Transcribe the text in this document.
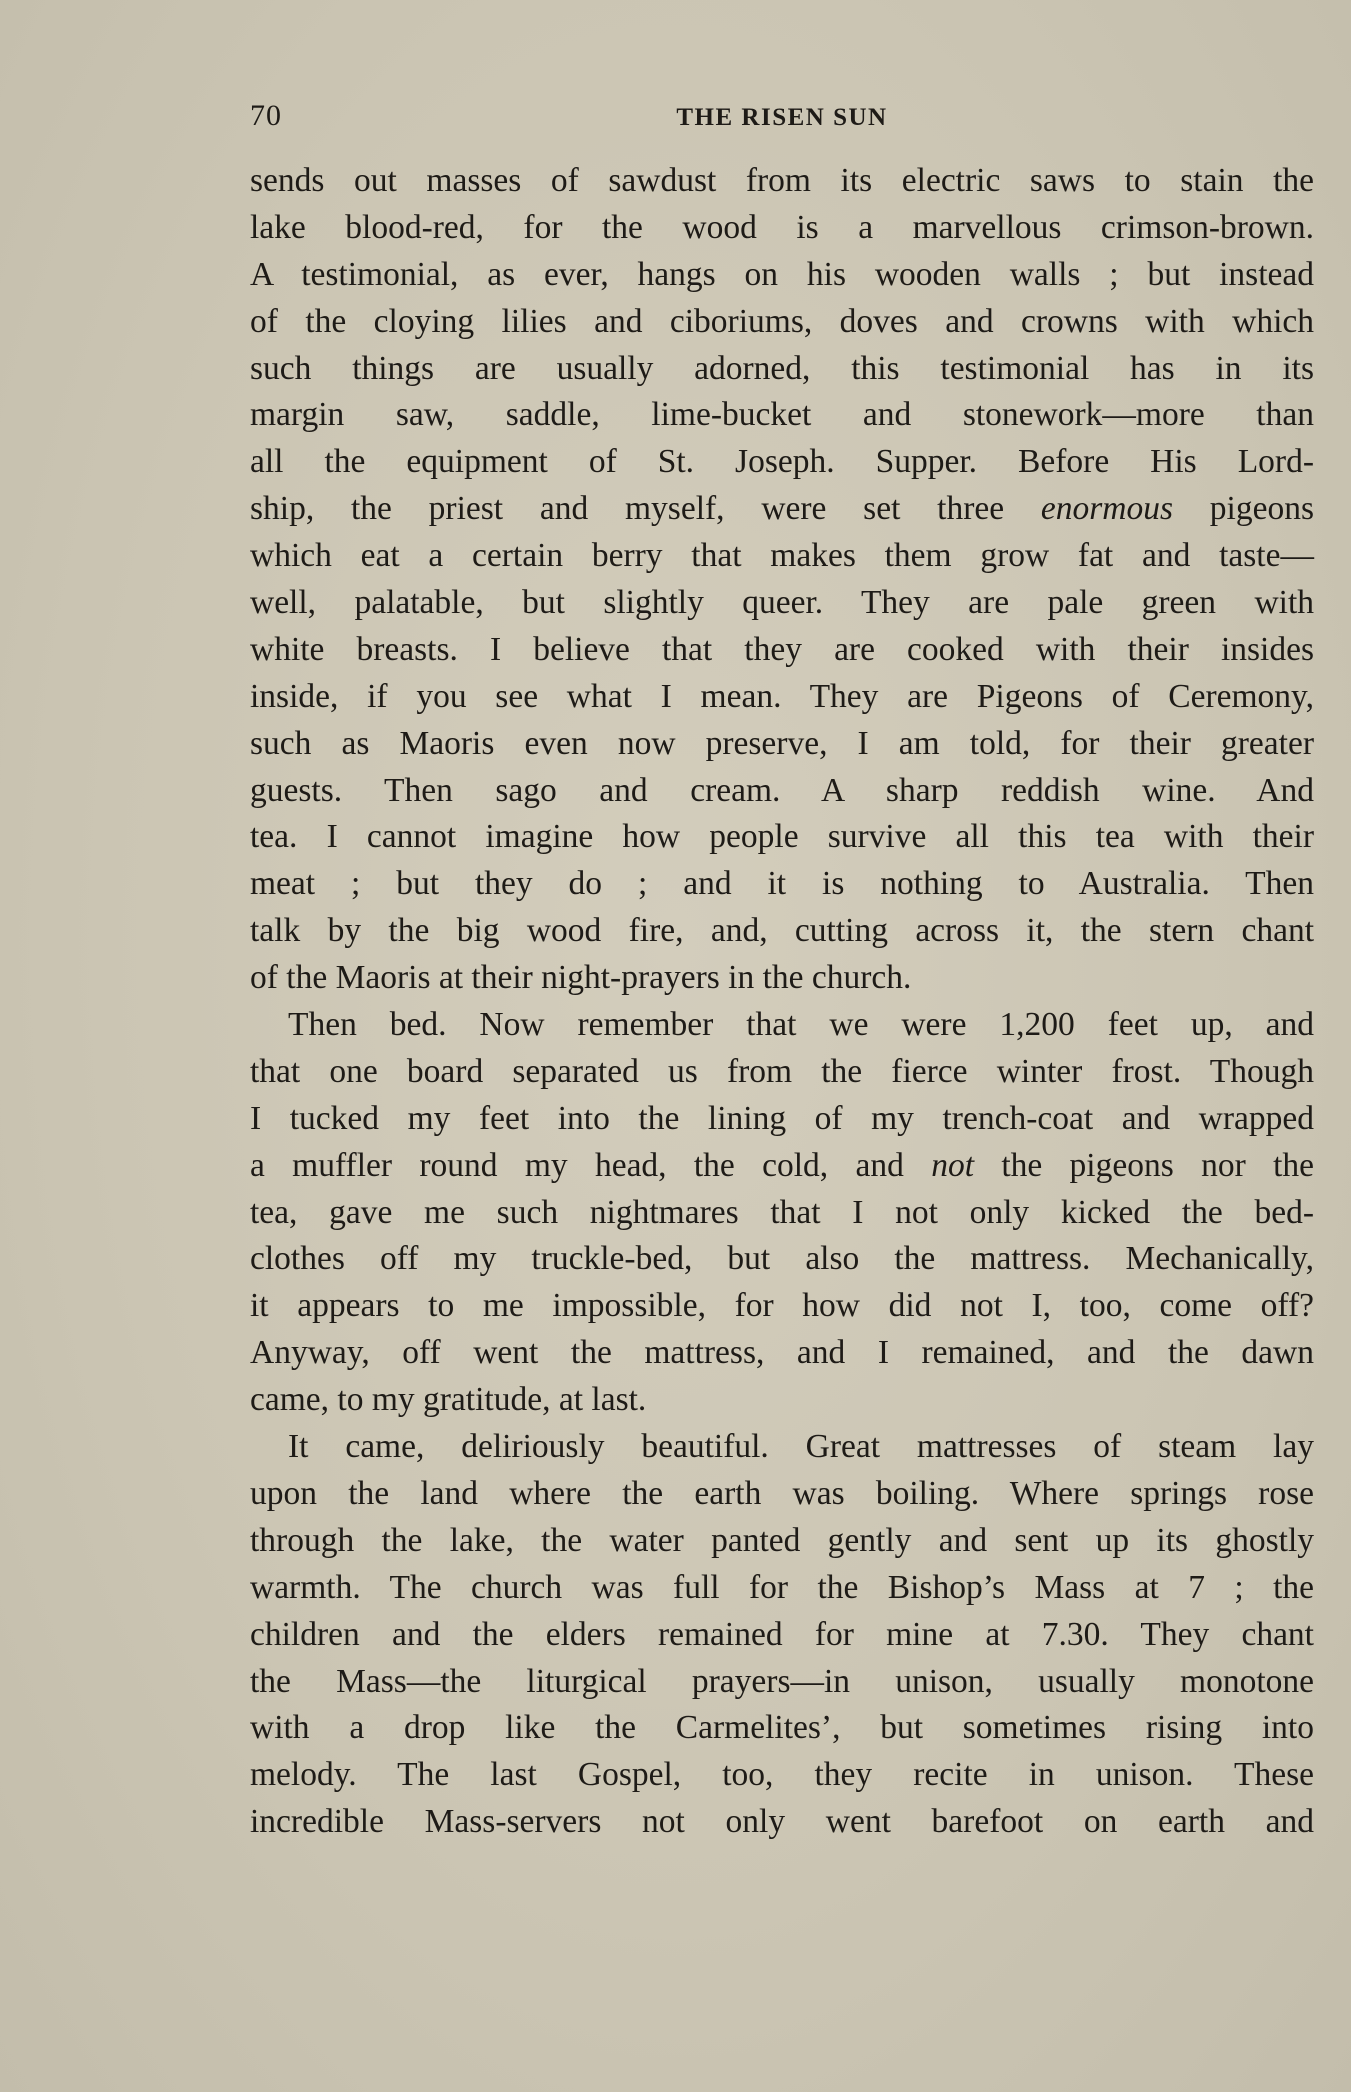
70	THE RISEN SUN
sends out masses of sawdust from its electric saws to stain the
lake blood-red, for the wood is a marvellous crimson-brown.
A testimonial, as ever, hangs on his wooden walls ; but instead
of the cloying lilies and ciboriums, doves and crowns with which
such things are usually adorned, this testimonial has in its
margin saw, saddle, lime-bucket and stonework—more than
all the equipment of St. Joseph. Supper. Before His Lord-
ship, the priest and myself, were set three enormous pigeons
which eat a certain berry that makes them grow fat and taste—
well, palatable, but slightly queer. They are pale green with
white breasts. I believe that they are cooked with their insides
inside, if you see what I mean. They are Pigeons of Ceremony,
such as Maoris even now preserve, I am told, for their greater
guests. Then sago and cream. A sharp reddish wine. And
tea. I cannot imagine how people survive all this tea with their
meat ; but they do ; and it is nothing to Australia. Then
talk by the big wood fire, and, cutting across it, the stern chant
of the Maoris at their night-prayers in the church.
Then bed. Now remember that we were 1,200 feet up, and
that one board separated us from the fierce winter frost. Though
I tucked my feet into the lining of my trench-coat and wrapped
a muffler round my head, the cold, and not the pigeons nor the
tea, gave me such nightmares that I not only kicked the bed-
clothes off my truckle-bed, but also the mattress. Mechanically,
it appears to me impossible, for how did not I, too, come off?
Anyway, off went the mattress, and I remained, and the dawn
came, to my gratitude, at last.
It came, deliriously beautiful. Great mattresses of steam lay
upon the land where the earth was boiling. Where springs rose
through the lake, the water panted gently and sent up its ghostly
warmth. The church was full for the Bishop’s Mass at 7 ; the
children and the elders remained for mine at 7.30. They chant
the Mass—the liturgical prayers—in unison, usually monotone
with a drop like the Carmelites’, but sometimes rising into
melody. The last Gospel, too, they recite in unison. These
incredible Mass-servers not only went barefoot on earth and
